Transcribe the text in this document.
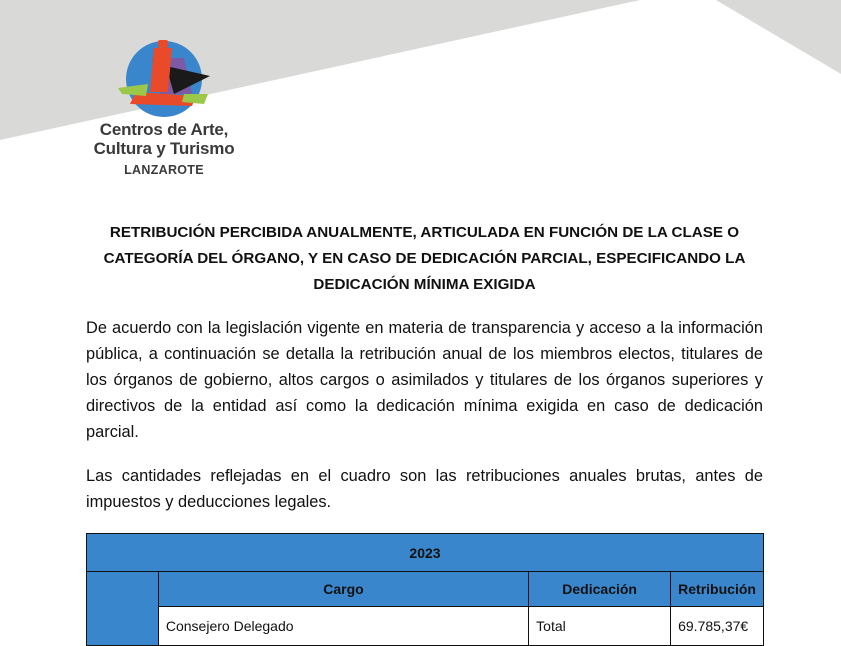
Centros de Arte,
Cultura y Turismo
LANZAROTE
RETRIBUCIÓN PERCIBIDA ANUALMENTE, ARTICULADA EN FUNCIÓN DE LA CLASE O CATEGORÍA DEL ÓRGANO, Y EN CASO DE DEDICACIÓN PARCIAL, ESPECIFICANDO LA DEDICACIÓN MÍNIMA EXIGIDA
De acuerdo con la legislación vigente en materia de transparencia y acceso a la información pública, a continuación se detalla la retribución anual de los miembros electos, titulares de los órganos de gobierno, altos cargos o asimilados y titulares de los órganos superiores y directivos de la entidad así como la dedicación mínima exigida en caso de dedicación parcial.
Las cantidades reflejadas en el cuadro son las retribuciones anuales brutas, antes de impuestos y deducciones legales.
2023			
	Cargo	Dedicación	Retribución
	Consejero Delegado	Total	69.785,37€
